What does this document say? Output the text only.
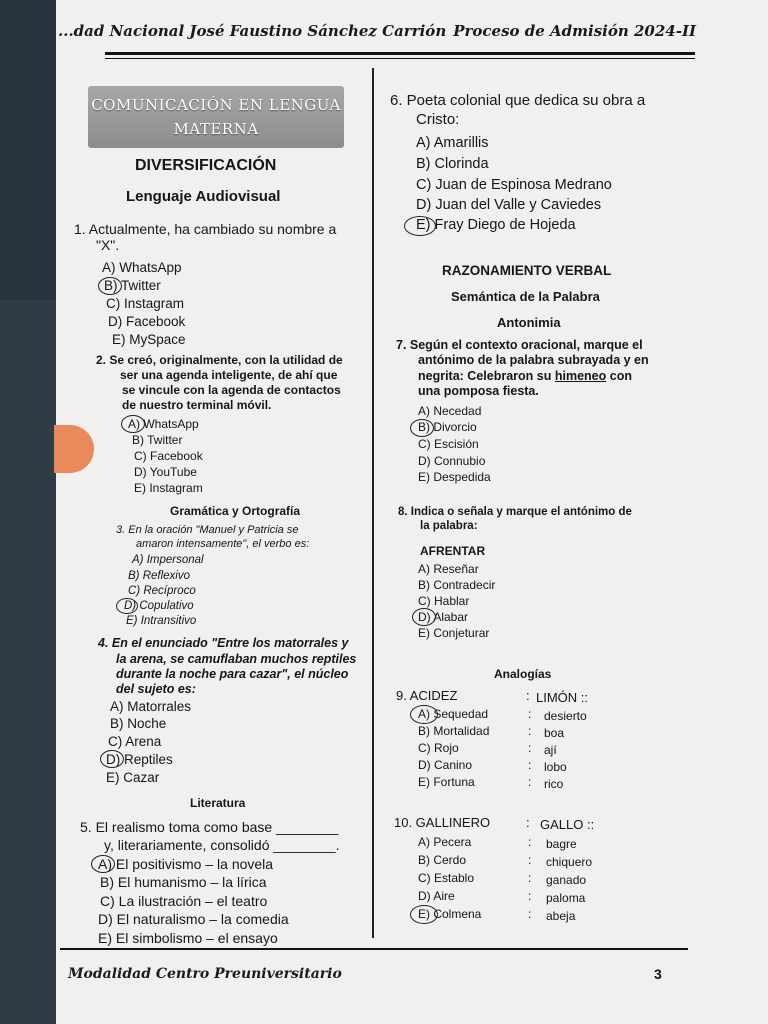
...dad Nacional José Faustino Sánchez Carrión Proceso de Admisión 2024-II
Modalidad Centro Preuniversitario	3
COMUNICACIÓN EN LENGUA
MATERNA
DIVERSIFICACIÓN
Lenguaje Audiovisual
1. Actualmente, ha cambiado su nombre a
"X".
A) WhatsApp
B) Twitter
C) Instagram
D) Facebook
E) MySpace
2. Se creó, originalmente, con la utilidad de
ser una agenda inteligente, de ahí que
se vincule con la agenda de contactos
de nuestro terminal móvil.
A) WhatsApp
B) Twitter
C) Facebook
D) YouTube
E) Instagram
Gramática y Ortografía
3. En la oración "Manuel y Patricia se
amaron intensamente", el verbo es:
A) Impersonal
B) Reflexivo
C) Recíproco
D) Copulativo
E) Intransitivo
4. En el enunciado "Entre los matorrales y
la arena, se camuflaban muchos reptiles
durante la noche para cazar", el núcleo
del sujeto es:
A) Matorrales
B) Noche
C) Arena
D) Reptiles
E) Cazar
Literatura
5. El realismo toma como base ________
y, literariamente, consolidó ________.
A) El positivismo – la novela
B) El humanismo – la lírica
C) La ilustración – el teatro
D) El naturalismo – la comedia
E) El simbolismo – el ensayo
6. Poeta colonial que dedica su obra a
Cristo:
A) Amarillis
B) Clorinda
C) Juan de Espinosa Medrano
D) Juan del Valle y Caviedes
E) Fray Diego de Hojeda
RAZONAMIENTO VERBAL
Semántica de la Palabra
Antonimia
7. Según el contexto oracional, marque el
antónimo de la palabra subrayada y en
negrita: Celebraron su himeneo con
una pomposa fiesta.
A) Necedad
B) Divorcio
C) Escisión
D) Connubio
E) Despedida
8. Indica o señala y marque el antónimo de
la palabra:
AFRENTAR
A) Reseñar
B) Contradecir
C) Hablar
D) Alabar
E) Conjeturar
Analogías
9. ACIDEZ	: LIMÓN ::
A) Sequedad	: desierto
B) Mortalidad	: boa
C) Rojo	: ají
D) Canino	: lobo
E) Fortuna	: rico
10. GALLINERO	: GALLO ::
A) Pecera	: bagre
B) Cerdo	: chiquero
C) Establo	: ganado
D) Aire	: paloma
E) Colmena	: abeja
